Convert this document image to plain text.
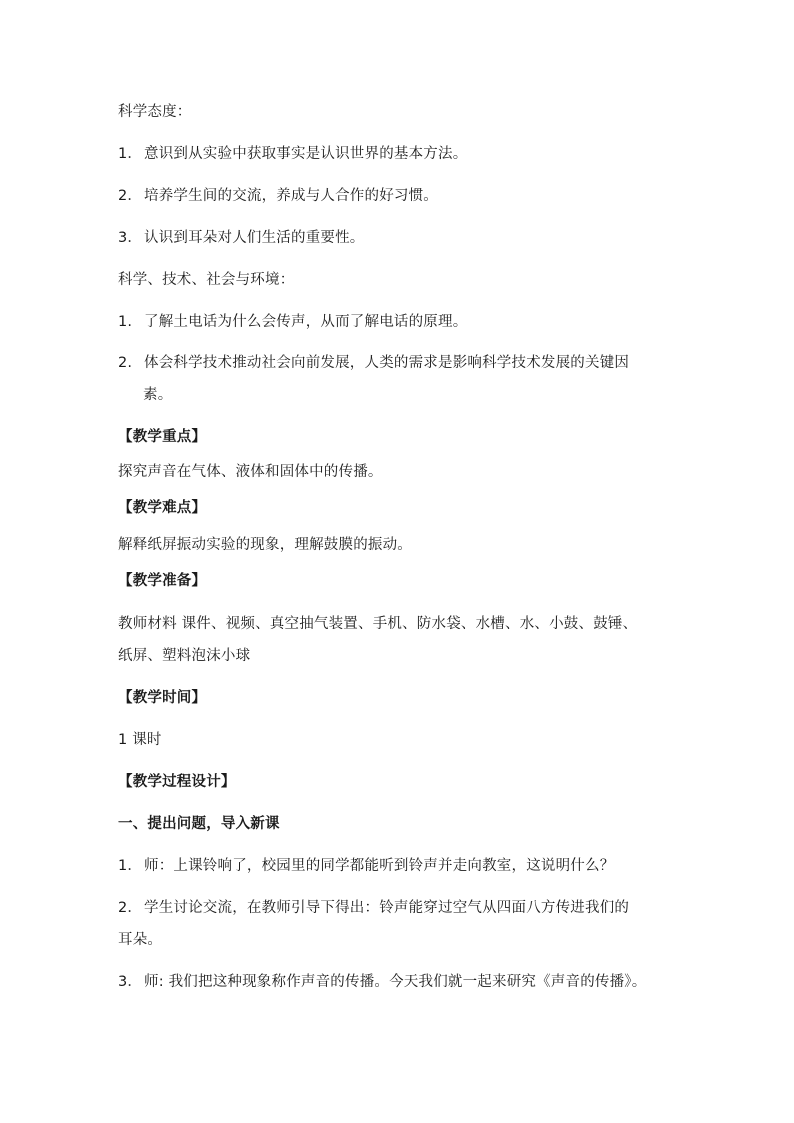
科学态度：
1． 意识到从实验中获取事实是认识世界的基本方法。
2． 培养学生间的交流，养成与人合作的好习惯。
3． 认识到耳朵对人们生活的重要性。
科学、技术、社会与环境：
1. 了解土电话为什么会传声，从而了解电话的原理。
2. 体会科学技术推动社会向前发展，人类的需求是影响科学技术发展的关键因
素。
【教学重点】
探究声音在气体、液体和固体中的传播。
【教学难点】
解释纸屏振动实验的现象，理解鼓膜的振动。
【教学准备】
教师材料 课件、视频、真空抽气装置、手机、防水袋、水槽、水、小鼓、鼓锤、
纸屏、塑料泡沫小球
【教学时间】
1 课时
【教学过程设计】
一、提出问题，导入新课
1． 师：上课铃响了，校园里的同学都能听到铃声并走向教室，这说明什么？
2． 学生讨论交流，在教师引导下得出：铃声能穿过空气从四面八方传进我们的
耳朵。
3． 师: 我们把这种现象称作声音的传播。今天我们就一起来研究《声音的传播》。
